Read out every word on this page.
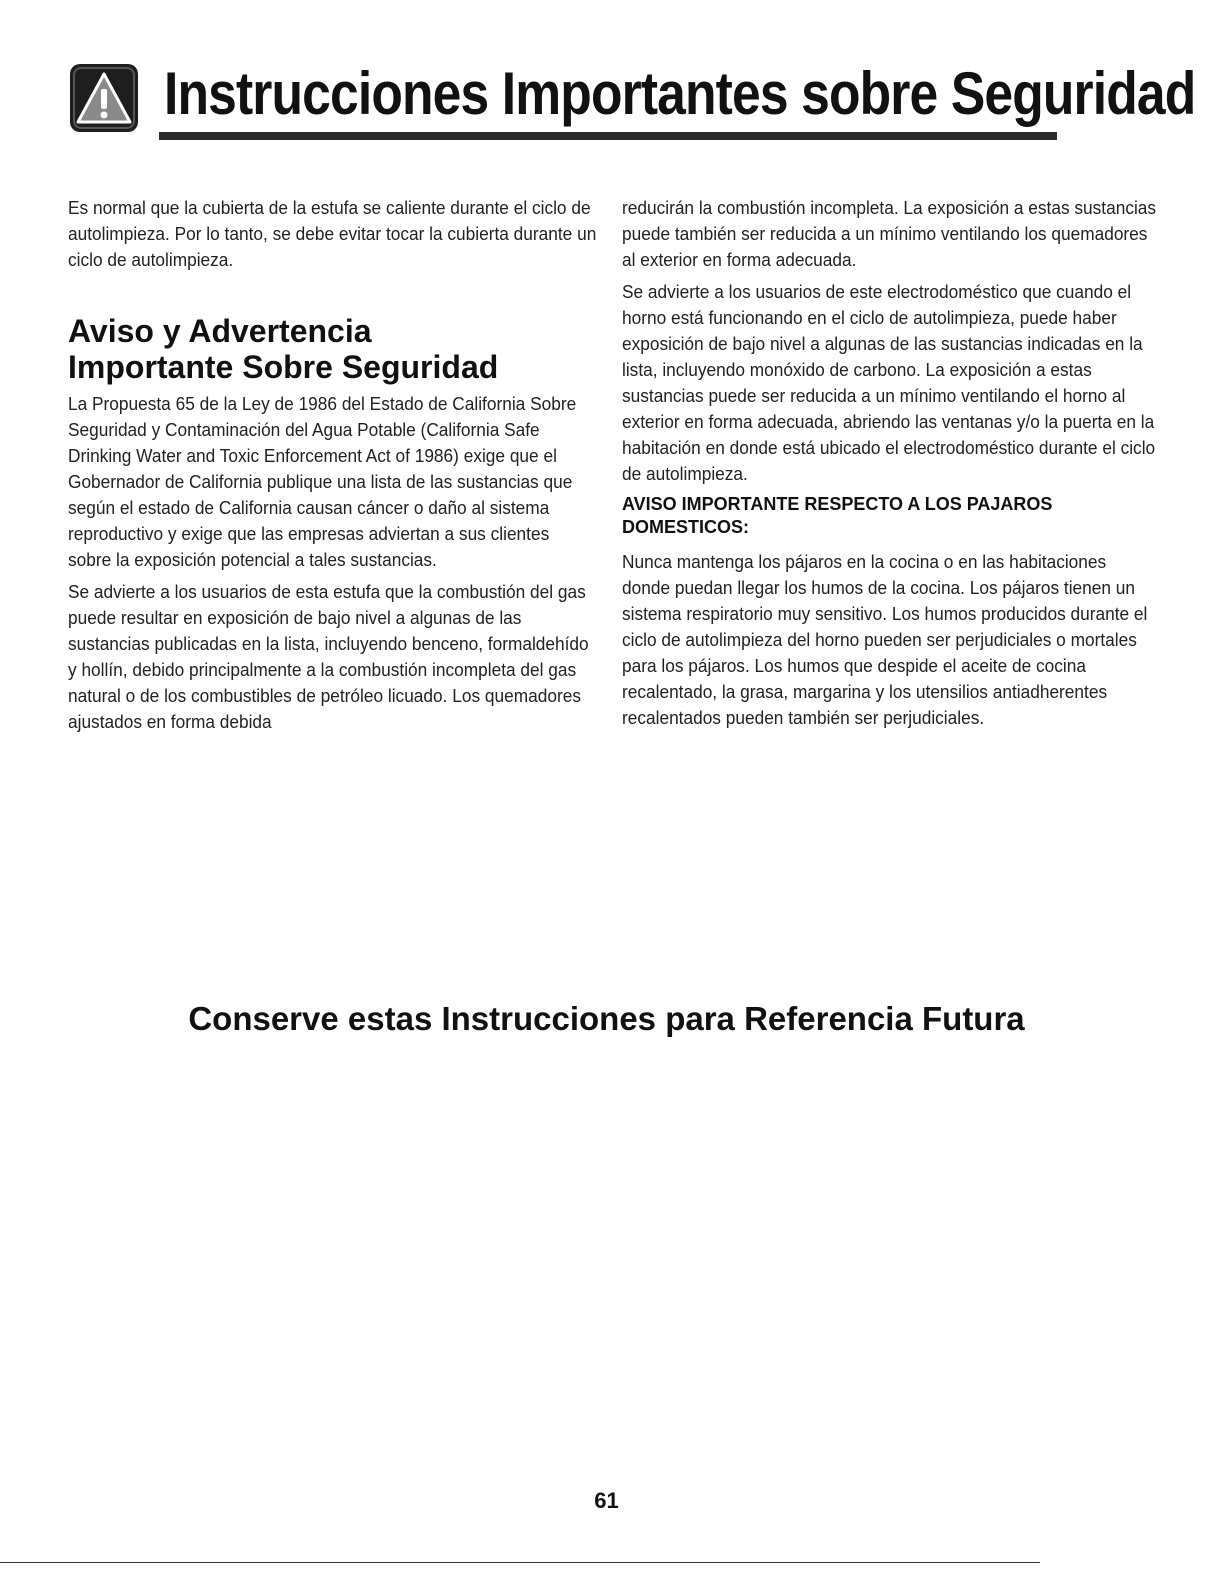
Instrucciones Importantes sobre Seguridad

Es normal que la cubierta de la estufa se caliente durante el ciclo de autolimpieza. Por lo tanto, se debe evitar tocar la cubierta durante un ciclo de autolimpieza.

Aviso y Advertencia
Importante Sobre Seguridad

La Propuesta 65 de la Ley de 1986 del Estado de California Sobre Seguridad y Contaminación del Agua Potable (California Safe Drinking Water and Toxic Enforcement Act of 1986) exige que el Gobernador de California publique una lista de las sustancias que según el estado de California causan cáncer o daño al sistema reproductivo y exige que las empresas adviertan a sus clientes sobre la exposición potencial a tales sustancias.

Se advierte a los usuarios de esta estufa que la combustión del gas puede resultar en exposición de bajo nivel a algunas de las sustancias publicadas en la lista, incluyendo benceno, formaldehído y hollín, debido principalmente a la combustión incompleta del gas natural o de los combustibles de petróleo licuado. Los quemadores ajustados en forma debida

reducirán la combustión incompleta. La exposición a estas sustancias puede también ser reducida a un mínimo ventilando los quemadores al exterior en forma adecuada.

Se advierte a los usuarios de este electrodoméstico que cuando el horno está funcionando en el ciclo de autolimpieza, puede haber exposición de bajo nivel a algunas de las sustancias indicadas en la lista, incluyendo monóxido de carbono. La exposición a estas sustancias puede ser reducida a un mínimo ventilando el horno al exterior en forma adecuada, abriendo las ventanas y/o la puerta en la habitación en donde está ubicado el electrodoméstico durante el ciclo de autolimpieza.

AVISO IMPORTANTE RESPECTO A LOS PAJAROS DOMESTICOS:

Nunca mantenga los pájaros en la cocina o en las habitaciones donde puedan llegar los humos de la cocina. Los pájaros tienen un sistema respiratorio muy sensitivo. Los humos producidos durante el ciclo de autolimpieza del horno pueden ser perjudiciales o mortales para los pájaros. Los humos que despide el aceite de cocina recalentado, la grasa, margarina y los utensilios antiadherentes recalentados pueden también ser perjudiciales.

Conserve estas Instrucciones para Referencia Futura
61
